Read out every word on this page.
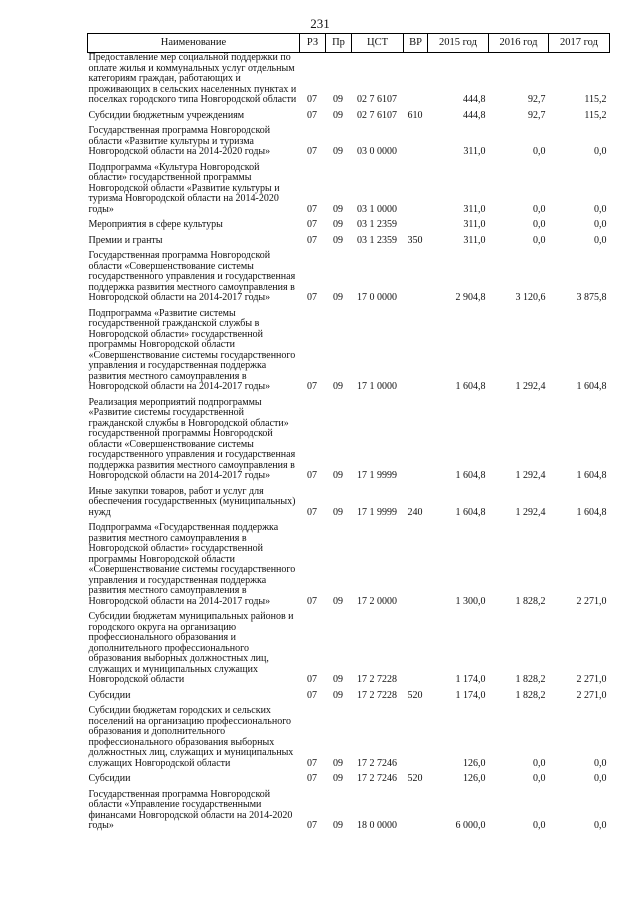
231
Наименование	РЗ	Пр	ЦСТ	ВР	2015 год	2016 год	2017 год
Предоставление мер социальной поддержки по оплате жилья и коммунальных услуг отдельным категориям граждан, работающих и проживающих в сельских населенных пунктах и поселках городского типа Новгородской области	07	09	02 7 6107		444,8	92,7	115,2
Субсидии бюджетным учреждениям	07	09	02 7 6107	610	444,8	92,7	115,2
Государственная программа Новгородской области «Развитие культуры и туризма Новгородской области на 2014-2020 годы»	07	09	03 0 0000		311,0	0,0	0,0
Подпрограмма «Культура Новгородской области» государственной программы Новгородской области «Развитие культуры и туризма Новгородской области на 2014-2020 годы»	07	09	03 1 0000		311,0	0,0	0,0
Мероприятия в сфере культуры	07	09	03 1 2359		311,0	0,0	0,0
Премии и гранты	07	09	03 1 2359	350	311,0	0,0	0,0
Государственная программа Новгородской области «Совершенствование системы государственного управления и государственная поддержка развития местного самоуправления в Новгородской области на 2014-2017 годы»	07	09	17 0 0000		2 904,8	3 120,6	3 875,8
Подпрограмма «Развитие системы государственной гражданской службы в Новгородской области» государственной программы Новгородской области «Совершенствование системы государственного управления и государственная поддержка развития местного самоуправления в Новгородской области на 2014-2017 годы»	07	09	17 1 0000		1 604,8	1 292,4	1 604,8
Реализация мероприятий подпрограммы «Развитие системы государственной гражданской службы в Новгородской области» государственной программы Новгородской области «Совершенствование системы государственного управления и государственная поддержка развития местного самоуправления в Новгородской области на 2014-2017 годы»	07	09	17 1 9999		1 604,8	1 292,4	1 604,8
Иные закупки товаров, работ и услуг для обеспечения государственных (муниципальных) нужд	07	09	17 1 9999	240	1 604,8	1 292,4	1 604,8
Подпрограмма «Государственная поддержка развития местного самоуправления в Новгородской области» государственной программы Новгородской области «Совершенствование системы государственного управления и государственная поддержка развития местного самоуправления в Новгородской области на 2014-2017 годы»	07	09	17 2 0000		1 300,0	1 828,2	2 271,0
Субсидии бюджетам муниципальных районов и городского округа на организацию профессионального образования и дополнительного профессионального образования выборных должностных лиц, служащих и муниципальных служащих Новгородской области	07	09	17 2 7228		1 174,0	1 828,2	2 271,0
Субсидии	07	09	17 2 7228	520	1 174,0	1 828,2	2 271,0
Субсидии бюджетам городских и сельских поселений на организацию профессионального образования и дополнительного профессионального образования выборных должностных лиц, служащих и муниципальных служащих Новгородской области	07	09	17 2 7246		126,0	0,0	0,0
Субсидии	07	09	17 2 7246	520	126,0	0,0	0,0
Государственная программа Новгородской области «Управление государственными финансами Новгородской области на 2014-2020 годы»	07	09	18 0 0000		6 000,0	0,0	0,0
